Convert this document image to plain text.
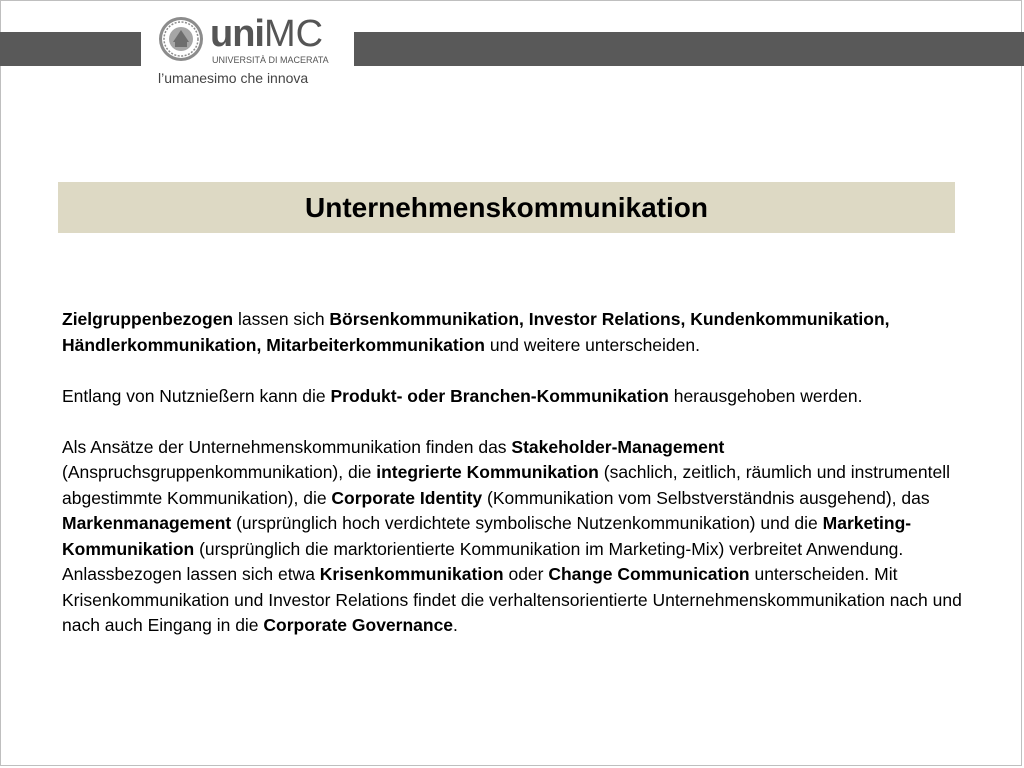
uniMC
UNIVERSITÀ DI MACERATA
l’umanesimo che innova
Unternehmenskommunikation

Zielgruppenbezogen lassen sich Börsenkommunikation, Investor Relations, Kundenkommunikation, Händlerkommunikation, Mitarbeiterkommunikation und weitere unterscheiden.

Entlang von Nutznießern kann die Produkt- oder Branchen-Kommunikation herausgehoben werden.

Als Ansätze der Unternehmenskommunikation finden das Stakeholder-Management (Anspruchsgruppenkommunikation), die integrierte Kommunikation (sachlich, zeitlich, räumlich und instrumentell abgestimmte Kommunikation), die Corporate Identity (Kommunikation vom Selbstverständnis ausgehend), das Markenmanagement (ursprünglich hoch verdichtete symbolische Nutzenkommunikation) und die Marketing-Kommunikation (ursprünglich die marktorientierte Kommunikation im Marketing-Mix) verbreitet Anwendung.

Anlassbezogen lassen sich etwa Krisenkommunikation oder Change Communication unterscheiden. Mit Krisenkommunikation und Investor Relations findet die verhaltensorientierte Unternehmenskommunikation nach und nach auch Eingang in die Corporate Governance.
